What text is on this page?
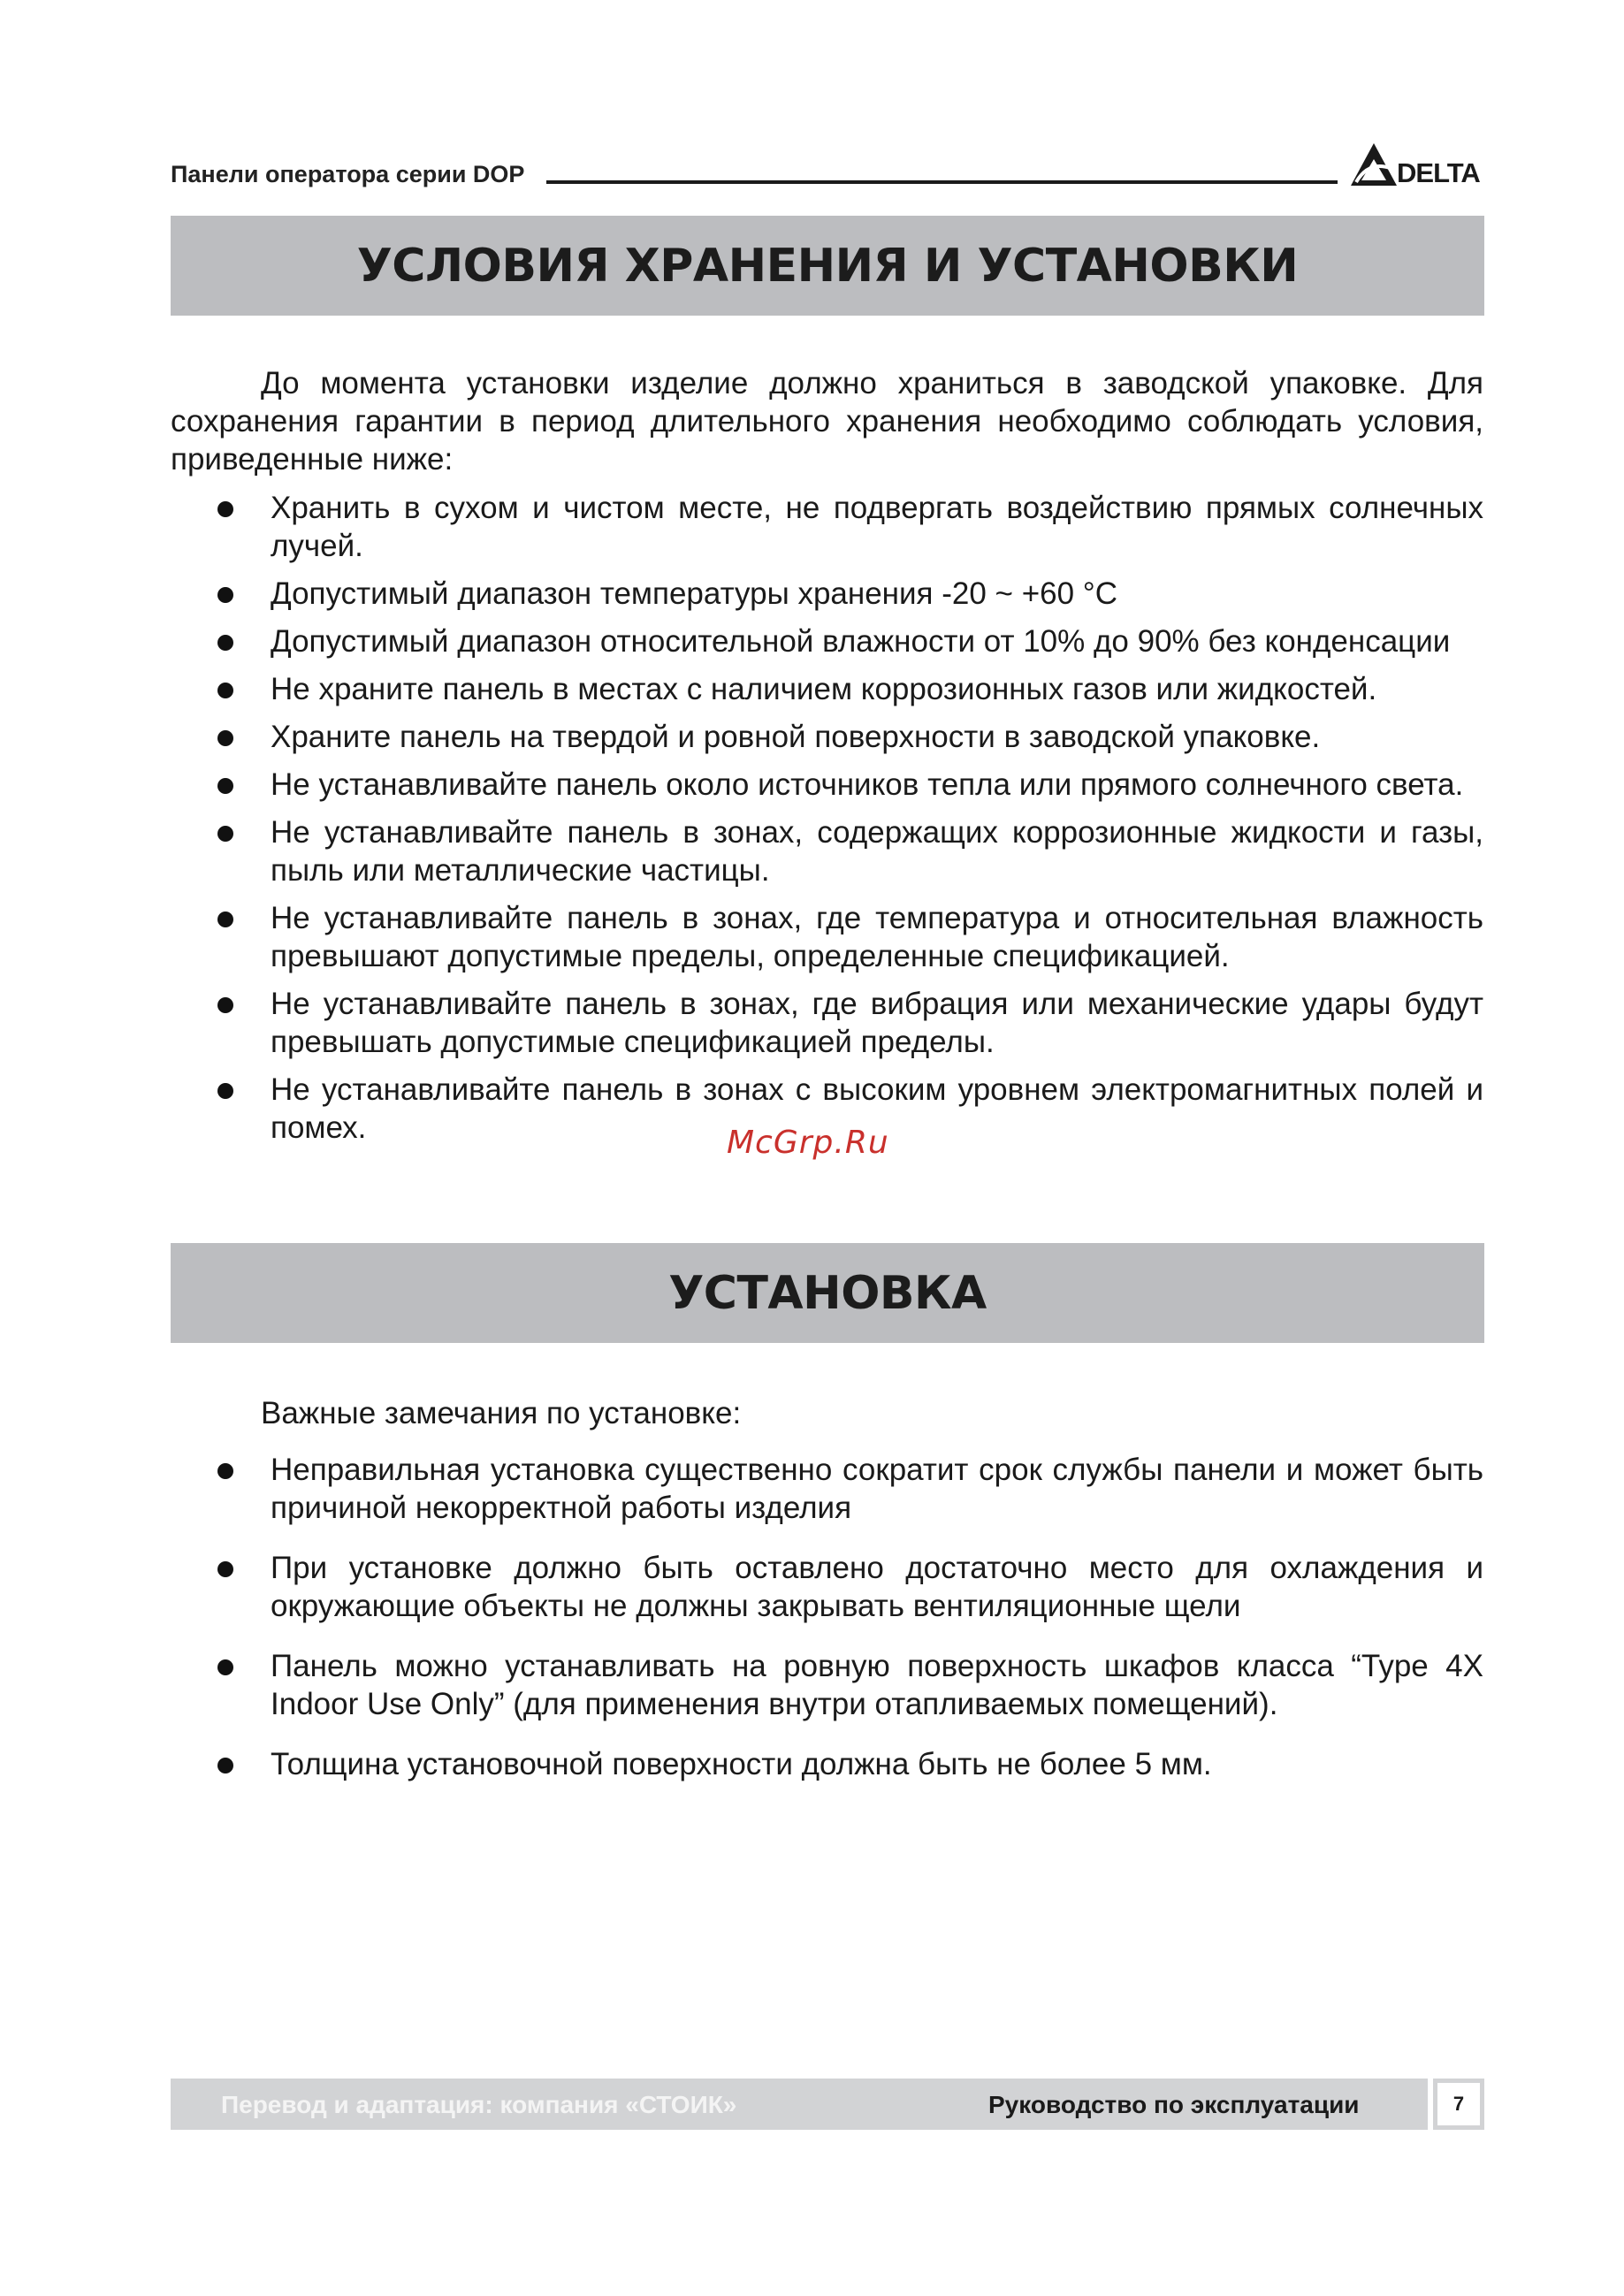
Панели оператора серии DOP	DELTA
УСЛОВИЯ ХРАНЕНИЯ И УСТАНОВКИ
До момента установки изделие должно храниться в заводской упаковке. Для сохранения гарантии в период длительного хранения необходимо соблюдать условия, приведенные ниже:
Хранить в сухом и чистом месте, не подвергать воздействию прямых солнечных лучей.
Допустимый диапазон температуры хранения -20 ~ +60 °C
Допустимый диапазон относительной влажности от 10% до 90% без конденсации
Не храните панель в местах с наличием коррозионных газов или жидкостей.
Храните панель на твердой и ровной поверхности в заводской упаковке.
Не устанавливайте панель около источников тепла или прямого солнечного света.
Не устанавливайте панель в зонах, содержащих коррозионные жидкости и газы, пыль или металлические частицы.
Не устанавливайте панель в зонах, где температура и относительная влажность превышают допустимые пределы, определенные спецификацией.
Не устанавливайте панель в зонах, где вибрация или механические удары будут превышать допустимые спецификацией пределы.
Не устанавливайте панель в зонах с высоким уровнем электромагнитных полей и помех.	McGrp.Ru
УСТАНОВКА
Важные замечания по установке:
Неправильная установка существенно сократит срок службы панели и может быть причиной некорректной работы изделия
При установке должно быть оставлено достаточно место для охлаждения и окружающие объекты не должны закрывать вентиляционные щели
Панель можно устанавливать на ровную поверхность шкафов класса “Type 4X Indoor Use Only” (для применения внутри отапливаемых помещений).
Толщина установочной поверхности должна быть не более 5 мм.
Перевод и адаптация: компания «СТОИК»	Руководство по эксплуатации	7
